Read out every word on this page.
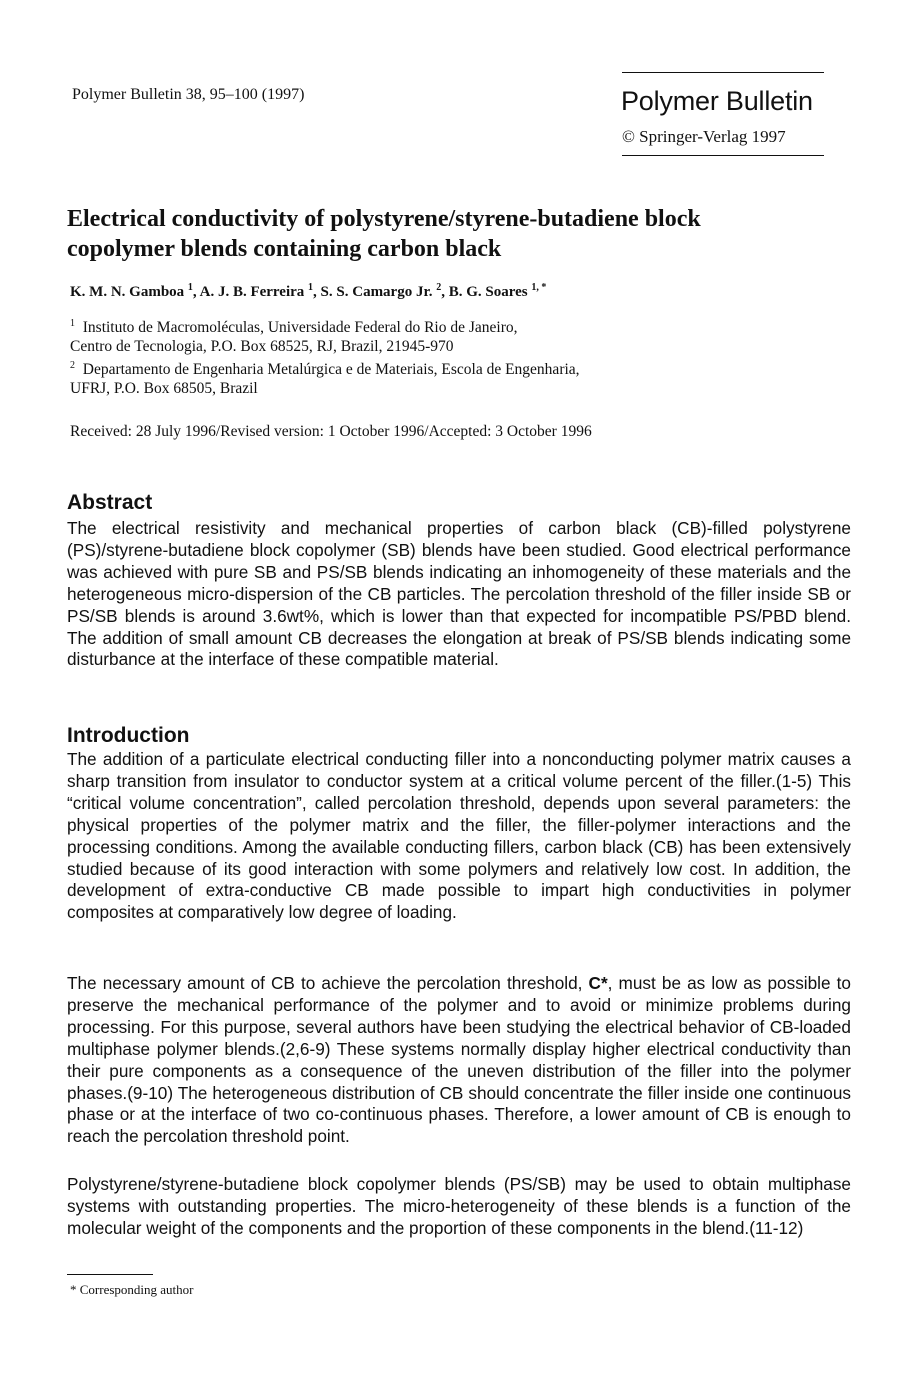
Polymer Bulletin 38, 95–100 (1997)	Polymer Bulletin
© Springer-Verlag 1997
Electrical conductivity of polystyrene/styrene-butadiene block copolymer blends containing carbon black
K. M. N. Gamboa $^1$, A. J. B. Ferreira $^1$, S. S. Camargo Jr. $^2$, B. G. Soares $^{1, *}$
$^1$ Instituto de Macromoléculas, Universidade Federal do Rio de Janeiro,
Centro de Tecnologia, P.O. Box 68525, RJ, Brazil, 21945-970
$^2$ Departamento de Engenharia Metalúrgica e de Materiais, Escola de Engenharia,
UFRJ, P.O. Box 68505, Brazil
Received: 28 July 1996/Revised version: 1 October 1996/Accepted: 3 October 1996
Abstract

The electrical resistivity and mechanical properties of carbon black (CB)-filled polystyrene (PS)/styrene-butadiene block copolymer (SB) blends have been studied. Good electrical performance was achieved with pure SB and PS/SB blends indicating an inhomogeneity of these materials and the heterogeneous micro-dispersion of the CB particles. The percolation threshold of the filler inside SB or PS/SB blends is around 3.6wt%, which is lower than that expected for incompatible PS/PBD blend. The addition of small amount CB decreases the elongation at break of PS/SB blends indicating some disturbance at the interface of these compatible material.

Introduction

The addition of a particulate electrical conducting filler into a nonconducting polymer matrix causes a sharp transition from insulator to conductor system at a critical volume percent of the filler.(1-5) This “critical volume concentration”, called percolation threshold, depends upon several parameters: the physical properties of the polymer matrix and the filler, the filler-polymer interactions and the processing conditions. Among the available conducting fillers, carbon black (CB) has been extensively studied because of its good interaction with some polymers and relatively low cost. In addition, the development of extra-conductive CB made possible to impart high conductivities in polymer composites at comparatively low degree of loading.

The necessary amount of CB to achieve the percolation threshold, C*, must be as low as possible to preserve the mechanical performance of the polymer and to avoid or minimize problems during processing. For this purpose, several authors have been studying the electrical behavior of CB-loaded multiphase polymer blends.(2,6-9) These systems normally display higher electrical conductivity than their pure components as a consequence of the uneven distribution of the filler into the polymer phases.(9-10) The heterogeneous distribution of CB should concentrate the filler inside one continuous phase or at the interface of two co-continuous phases. Therefore, a lower amount of CB is enough to reach the percolation threshold point.

Polystyrene/styrene-butadiene block copolymer blends (PS/SB) may be used to obtain multiphase systems with outstanding properties. The micro-heterogeneity of these blends is a function of the molecular weight of the components and the proportion of these components in the blend.(11-12)

* Corresponding author
